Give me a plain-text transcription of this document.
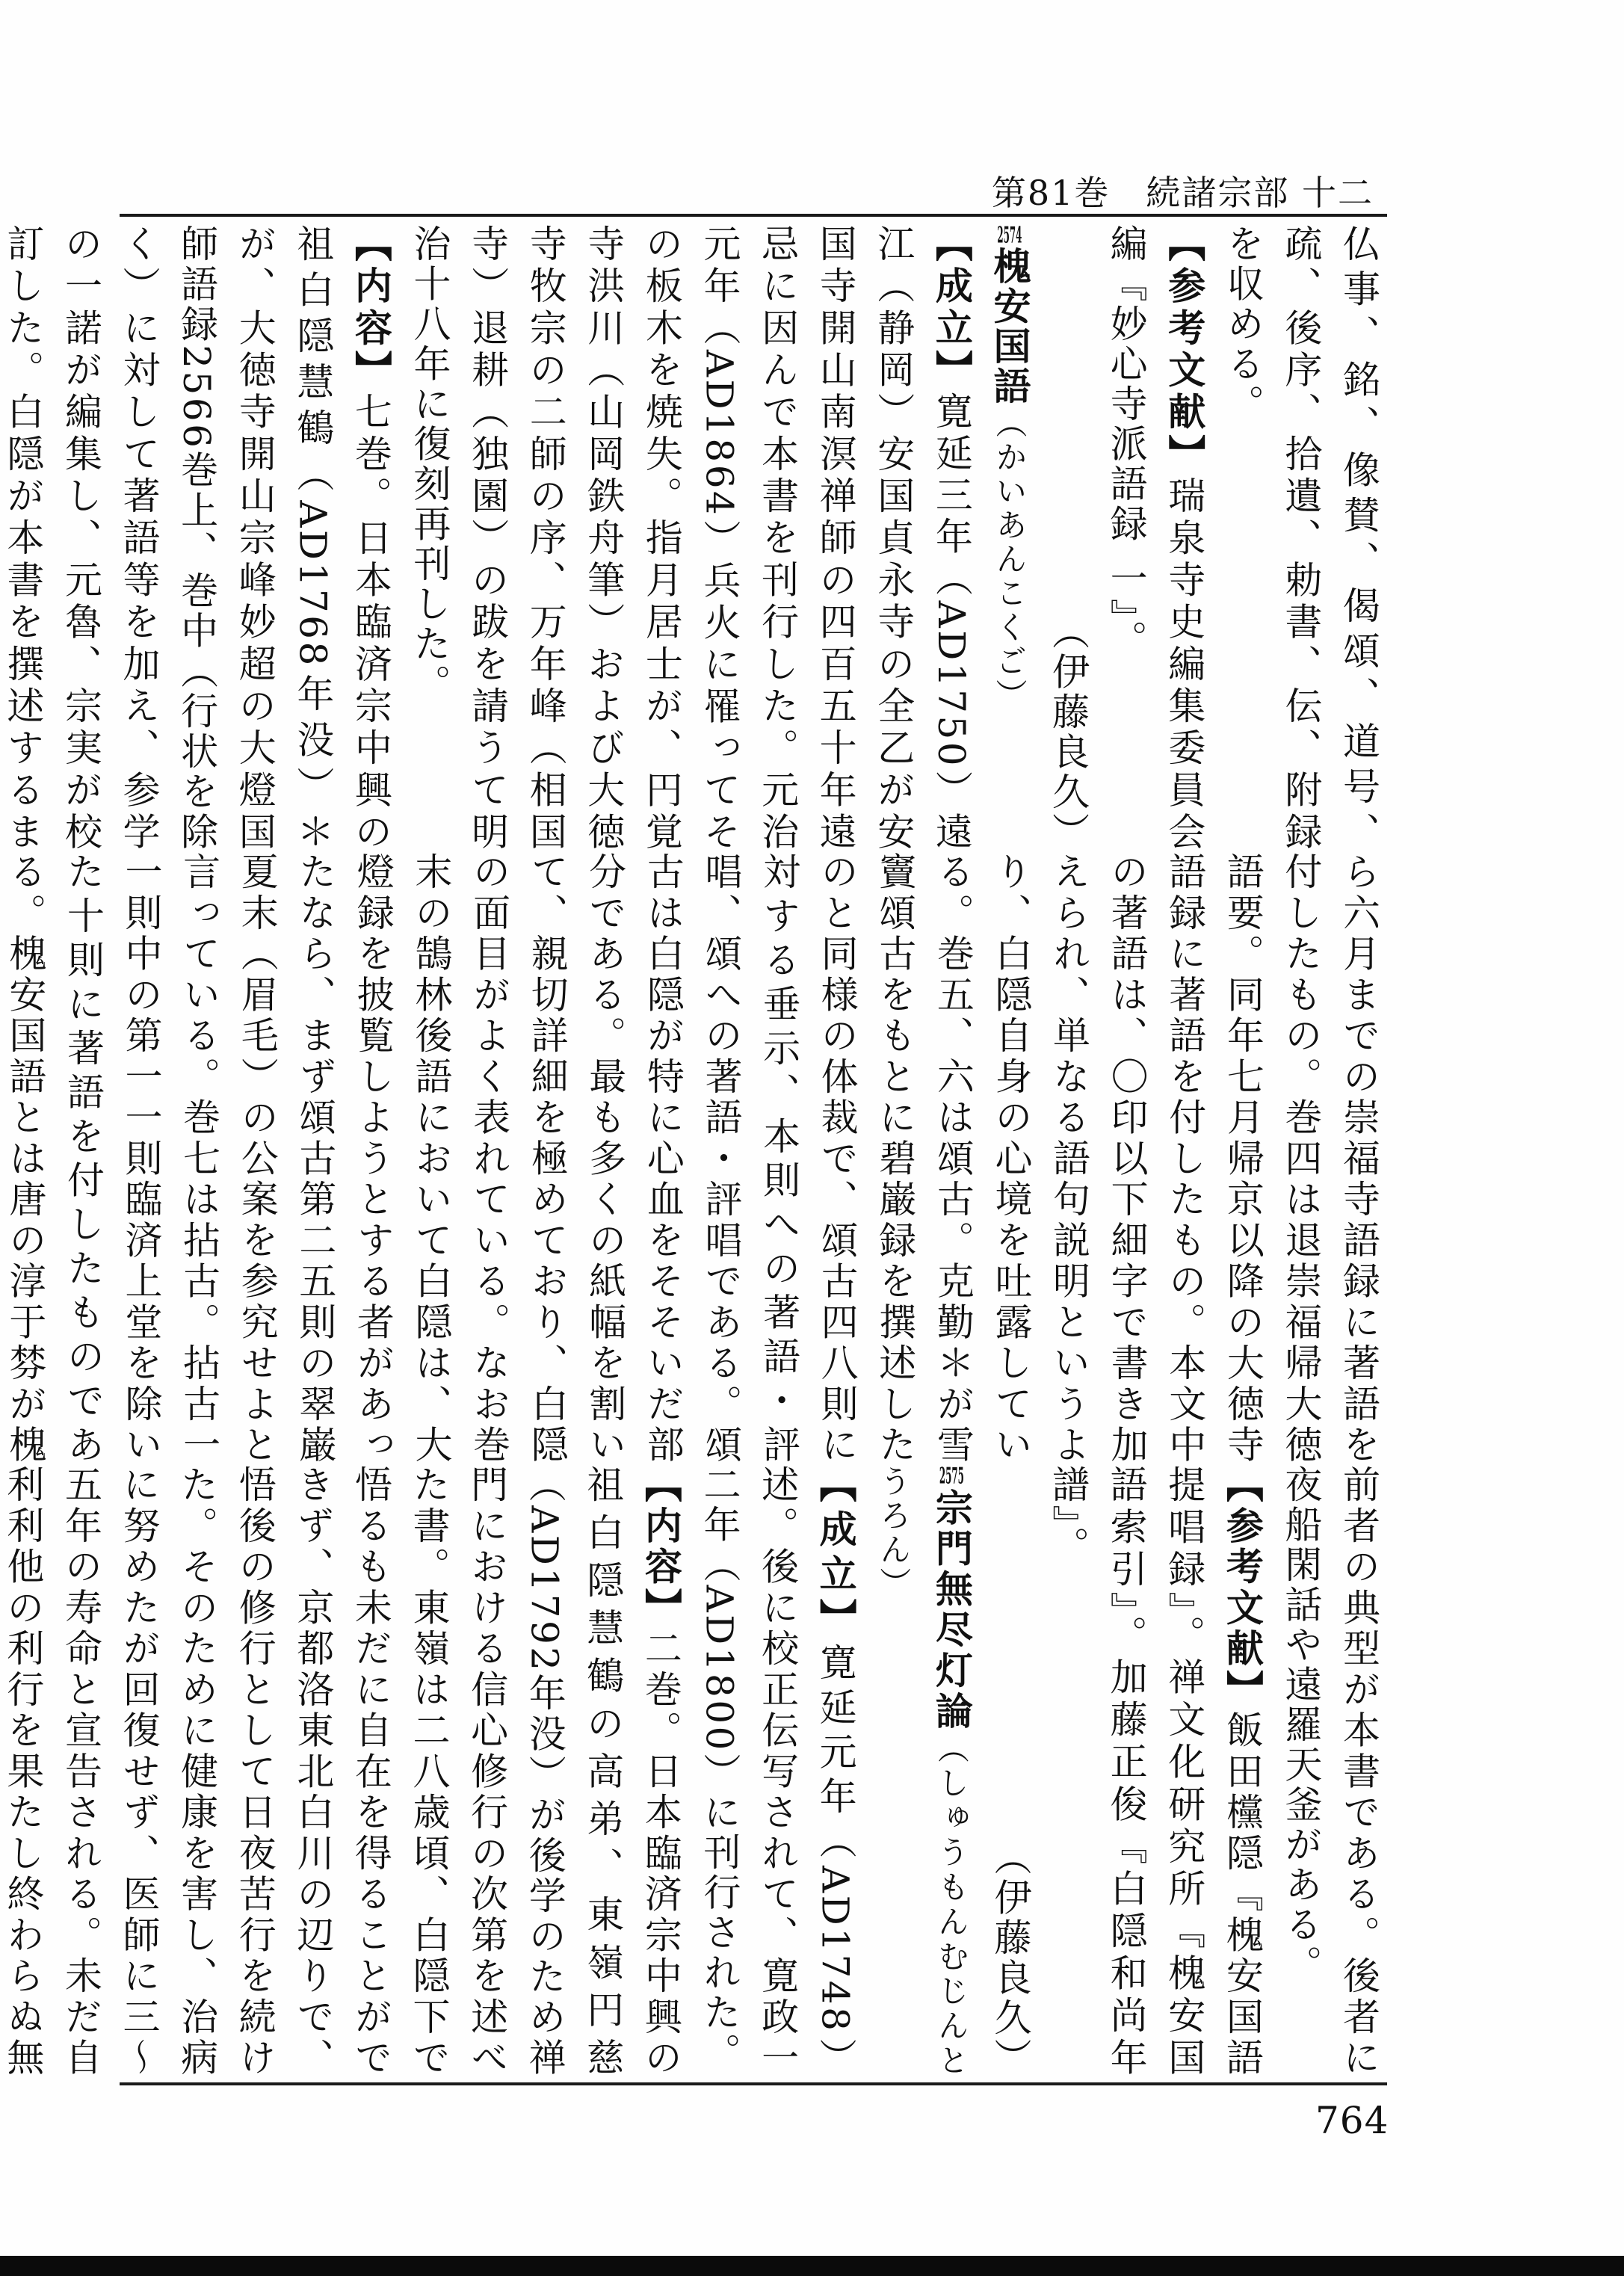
第81巻　続諸宗部 十二

仏事、銘、像賛、偈頌、道号、疏、後序、拾遺、勅書、伝、附録を収める。

【参考文献】瑞泉寺史編集委員会編『妙心寺派語録 一』。

（伊藤良久）

2574槐安国語（かいあんこくご）

【成立】寛延三年（AD1750）遠江（静岡）安国貞永寺の全乙が安国寺開山南溟禅師の四百五十年遠忌に因んで本書を刊行した。元治元年（AD1864）兵火に罹ってその板木を焼失。指月居士が、円覚寺洪川（山岡鉄舟筆）および大徳寺牧宗の二師の序、万年峰（相国寺）退耕（独園）の跋を請うて明治十八年に復刻再刊した。

【内容】七巻。日本臨済宗中興の祖白隠慧鶴（AD1768年没）＊が、大徳寺開山宗峰妙超の大燈国師語録2566巻上、巻中（行状を除く）に対して著語等を加え、参学の一諾が編集し、元魯、宗実が校訂した。白隠が本書を撰述するま

ら六月までの崇福寺語録に著語を付したもの。巻四は退崇福帰大徳語要。同年七月帰京以降の大徳寺語録に著語を付したもの。本文中の著語は、〇印以下細字で書き加えられ、単なる語句説明というより、白隠自身の心境を吐露している。巻五、六は頌古。克勤＊が雪竇頌古をもとに碧巌録を撰述したのと同様の体裁で、頌古四八則に対する垂示、本則への著語・評唱、頌への著語・評唱である。頌古は白隠が特に心血をそそいだ部分である。最も多くの紙幅を割いて、親切詳細を極めており、白隠の面目がよく表れている。なお巻末の鵠林後語において白隠は、大燈録を披覧しようとする者があったなら、まず頌古第二五則の翠巌夏末（眉毛）の公案を参究せよと言っている。巻七は拈古。拈古一一則中の第一一則臨済上堂を除いた十則に著語を付したものである。槐安国語とは唐の淳于棼が槐

前者の典型が本書である。後者に夜船閑話や遠羅天釜がある。

【参考文献】飯田欓隠『槐安国語提唱録』。禅文化研究所『槐安国語索引』。加藤正俊『白隠和尚年譜』。

（伊藤良久）

2575宗門無尽灯論（しゅうもんむじんとうろん）

【成立】寛延元年（AD1748）述。後に校正伝写されて、寛政一二年（AD1800）に刊行された。

【内容】二巻。日本臨済宗中興の祖白隠慧鶴の高弟、東嶺円慈（AD1792年没）が後学のため禅門における信心修行の次第を述べた書。東嶺は二八歳頃、白隠下で悟るも未だに自在を得ることができず、京都洛東北白川の辺りで、悟後の修行として日夜苦行を続けた。そのために健康を害し、治病に努めたが回復せず、医師に三〜五年の寿命と宣告される。未だ自利利他の利行を果たし終わらぬ無

764
